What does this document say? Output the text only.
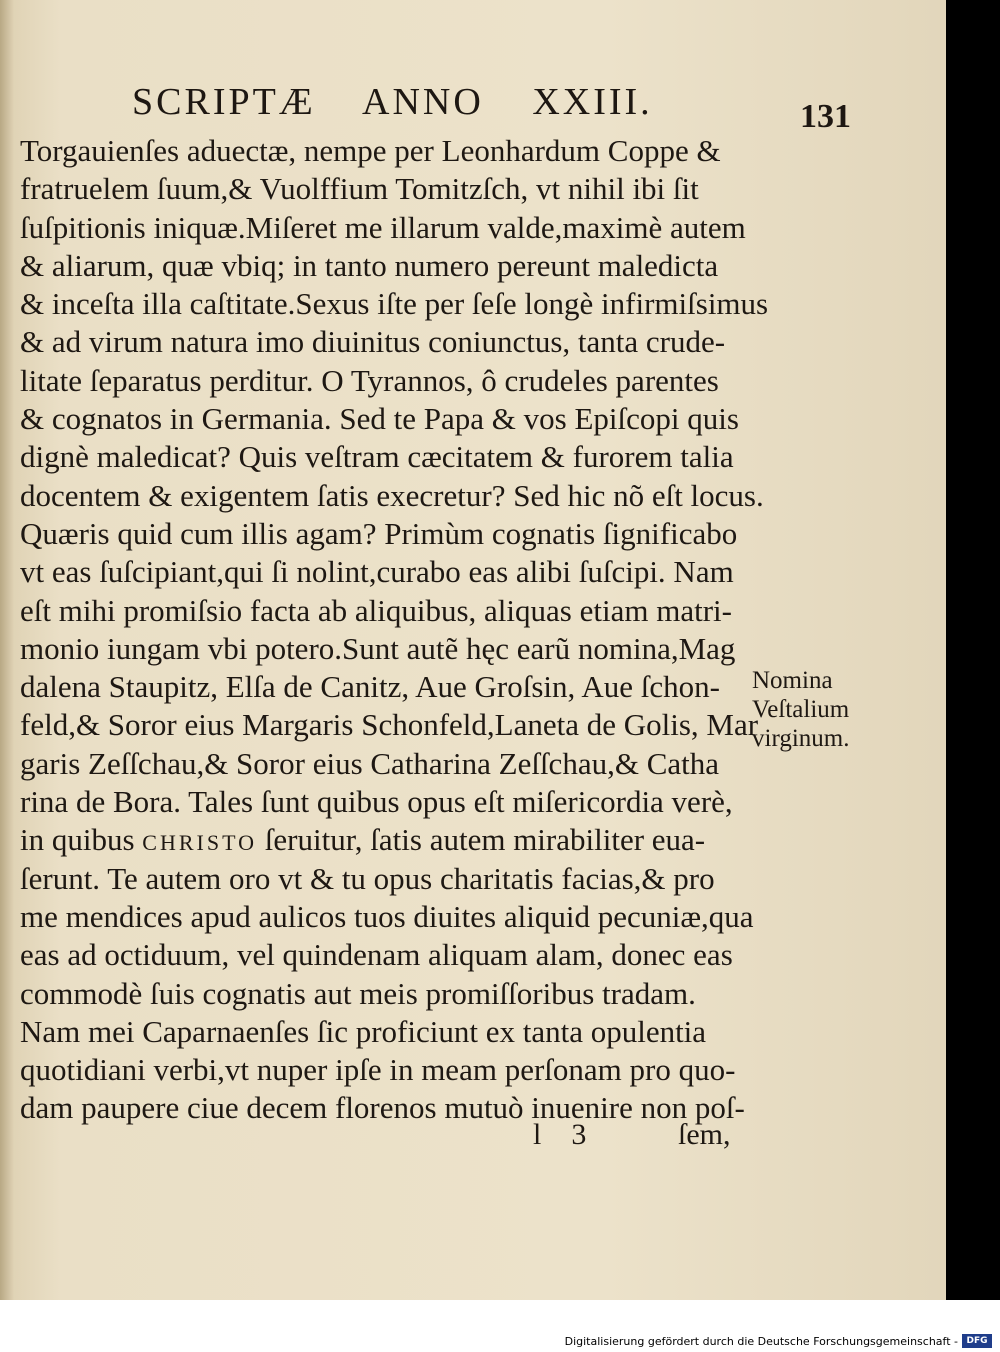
SCRIPTÆ ANNO XXIII.	131
Torgauienſes aduectæ, nempe per Leonhardum Coppe &
fratruelem ſuum,& Vuolffium Tomitzſch, vt nihil ibi ſit
ſuſpitionis iniquæ.Miſeret me illarum valde,maximè autem
& aliarum, quæ vbiq; in tanto numero pereunt maledicta
& inceſta illa caſtitate.Sexus iſte per ſeſe longè infirmiſsimus
& ad virum natura imo diuinitus coniunctus, tanta crude-
litate ſeparatus perditur. O Tyrannos, ô crudeles parentes
& cognatos in Germania. Sed te Papa & vos Epiſcopi quis
dignè maledicat? Quis veſtram cæcitatem & furorem talia
docentem & exigentem ſatis execretur? Sed hic nõ eſt locus.
Quæris quid cum illis agam? Primùm cognatis ſignificabo
vt eas ſuſcipiant,qui ſi nolint,curabo eas alibi ſuſcipi. Nam
eſt mihi promiſsio facta ab aliquibus, aliquas etiam matri-
monio iungam vbi potero.Sunt autẽ hęc earũ nomina,Mag
dalena Staupitz, Elſa de Canitz, Aue Groſsin, Aue ſchon-
feld,& Soror eius Margaris Schonfeld,Laneta de Golis, Mar
garis Zeſſchau,& Soror eius Catharina Zeſſchau,& Catha
rina de Bora. Tales ſunt quibus opus eſt miſericordia verè,
in quibus CHRISTO ſeruitur, ſatis autem mirabiliter eua-
ſerunt. Te autem oro vt & tu opus charitatis facias,& pro
me mendices apud aulicos tuos diuites aliquid pecuniæ,qua
eas ad octiduum, vel quindenam aliquam alam, donec eas
commodè ſuis cognatis aut meis promiſſoribus tradam.
Nam mei Caparnaenſes ſic proficiunt ex tanta opulentia
quotidiani verbi,vt nuper ipſe in meam perſonam pro quo-
dam paupere ciue decem florenos mutuò inuenire non poſ-
Nomina
Veſtalium
virginum.
l 3	ſem,
Digitalisierung gefördert durch die Deutsche Forschungsgemeinschaft - DFG
